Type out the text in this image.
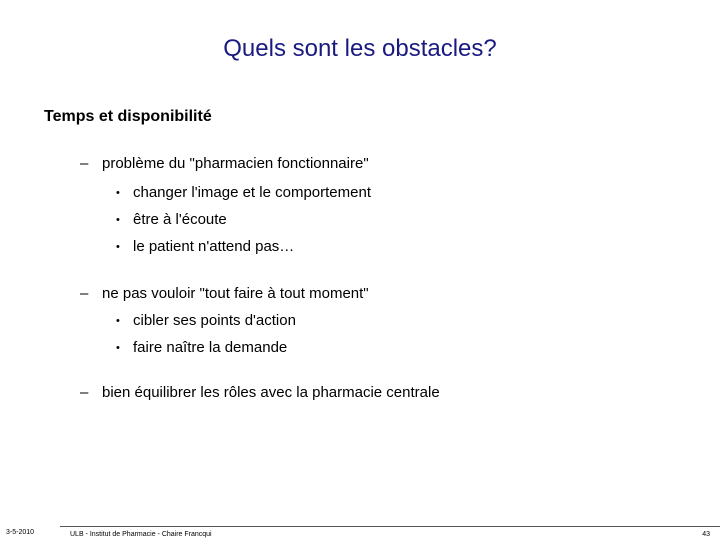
Quels sont les obstacles?
Temps et disponibilité
– problème du "pharmacien fonctionnaire"
• changer l'image et le comportement
• être à l'écoute
• le patient n'attend pas…
– ne pas vouloir "tout faire à tout moment"
• cibler ses points d'action
• faire naître la demande
– bien équilibrer les rôles avec la pharmacie centrale
3-5-2010	ULB - Institut de Pharmacie - Chaire Francqui	43
